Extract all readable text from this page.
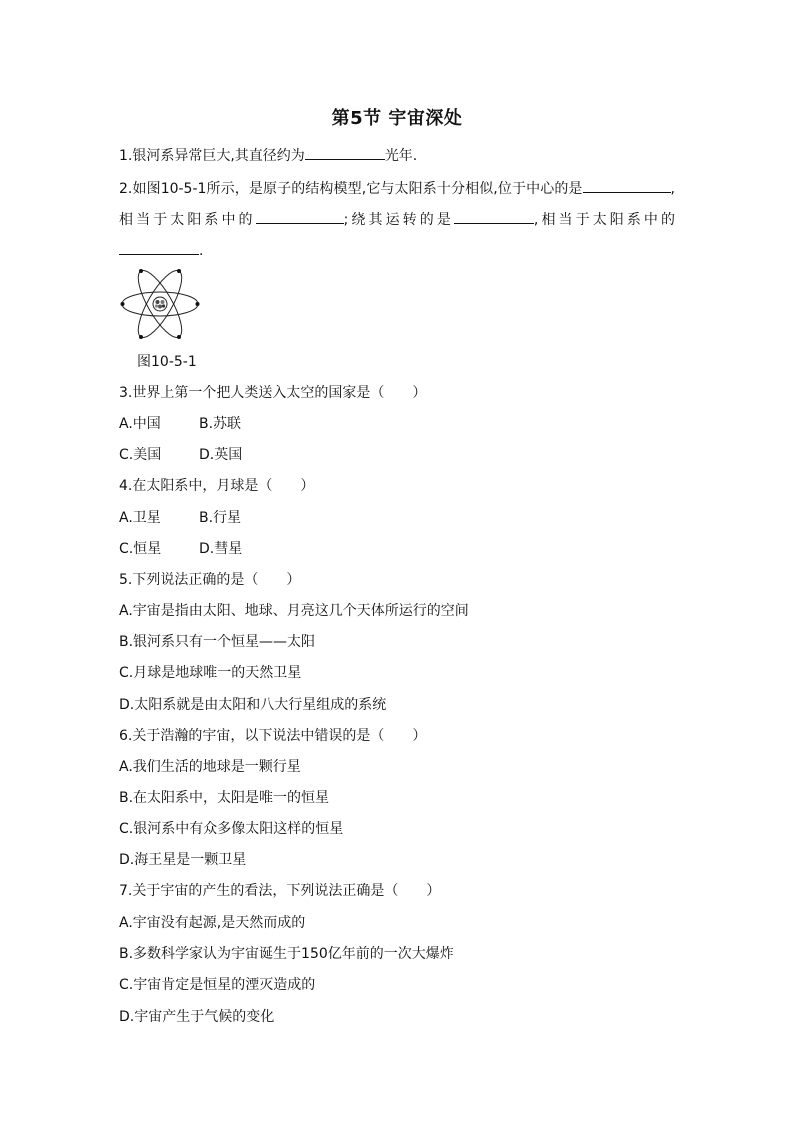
第5节 宇宙深处
1.银河系异常巨大,其直径约为	光年.
2.如图10-5-1所示，是原子的结构模型,它与太阳系十分相似,位于中心的是	,相当于太阳系中的	;绕其运转的是	,相当于太阳系中的.
图10-5-1
3.世界上第一个把人类送入太空的国家是（　　）
A.中国	B.苏联
C.美国	D.英国
4.在太阳系中，月球是（　　）
A.卫星	B.行星
C.恒星	D.彗星
5.下列说法正确的是（　　）
A.宇宙是指由太阳、地球、月亮这几个天体所运行的空间
B.银河系只有一个恒星——太阳
C.月球是地球唯一的天然卫星
D.太阳系就是由太阳和八大行星组成的系统
6.关于浩瀚的宇宙，以下说法中错误的是（　　）
A.我们生活的地球是一颗行星
B.在太阳系中，太阳是唯一的恒星
C.银河系中有众多像太阳这样的恒星
D.海王星是一颗卫星
7.关于宇宙的产生的看法，下列说法正确是（　　）
A.宇宙没有起源,是天然而成的
B.多数科学家认为宇宙诞生于150亿年前的一次大爆炸
C.宇宙肯定是恒星的湮灭造成的
D.宇宙产生于气候的变化
